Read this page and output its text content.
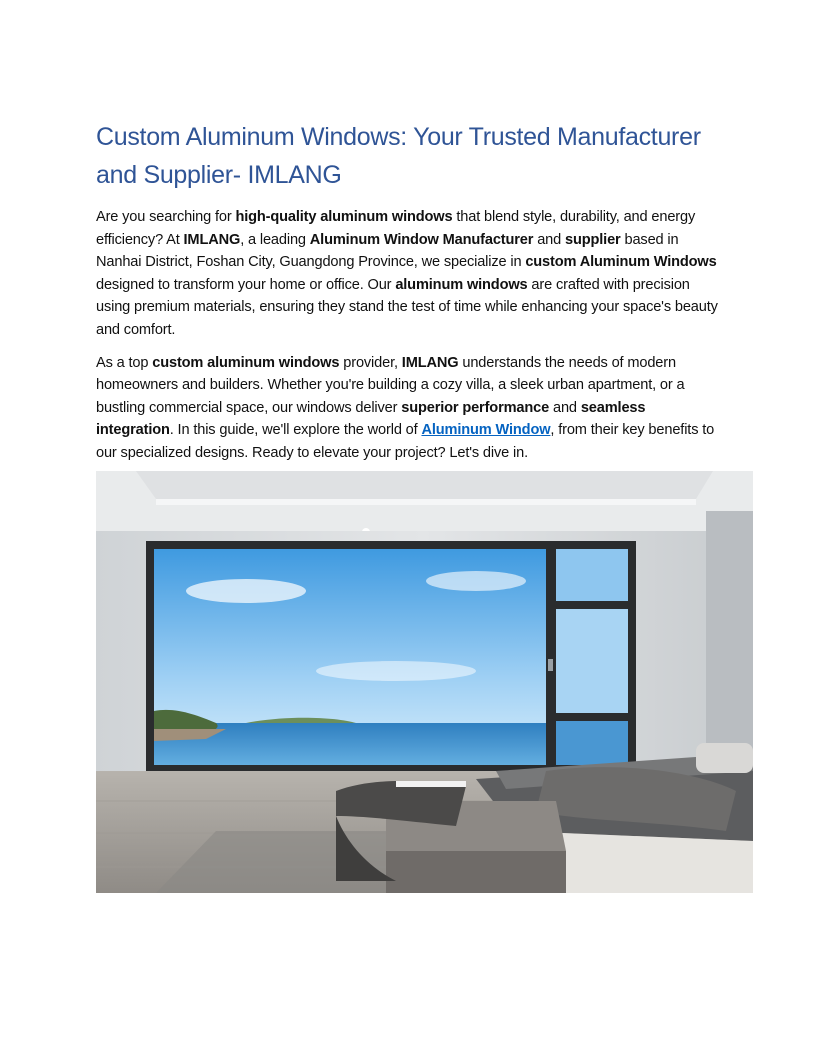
Custom Aluminum Windows: Your Trusted Manufacturer and Supplier- IMLANG

Are you searching for high-quality aluminum windows that blend style, durability, and energy efficiency? At IMLANG, a leading Aluminum Window Manufacturer and supplier based in Nanhai District, Foshan City, Guangdong Province, we specialize in custom Aluminum Windows designed to transform your home or office. Our aluminum windows are crafted with precision using premium materials, ensuring they stand the test of time while enhancing your space's beauty and comfort.

As a top custom aluminum windows provider, IMLANG understands the needs of modern homeowners and builders. Whether you're building a cozy villa, a sleek urban apartment, or a bustling commercial space, our windows deliver superior performance and seamless integration. In this guide, we'll explore the world of Aluminum Window, from their key benefits to our specialized designs. Ready to elevate your project? Let's dive in.
